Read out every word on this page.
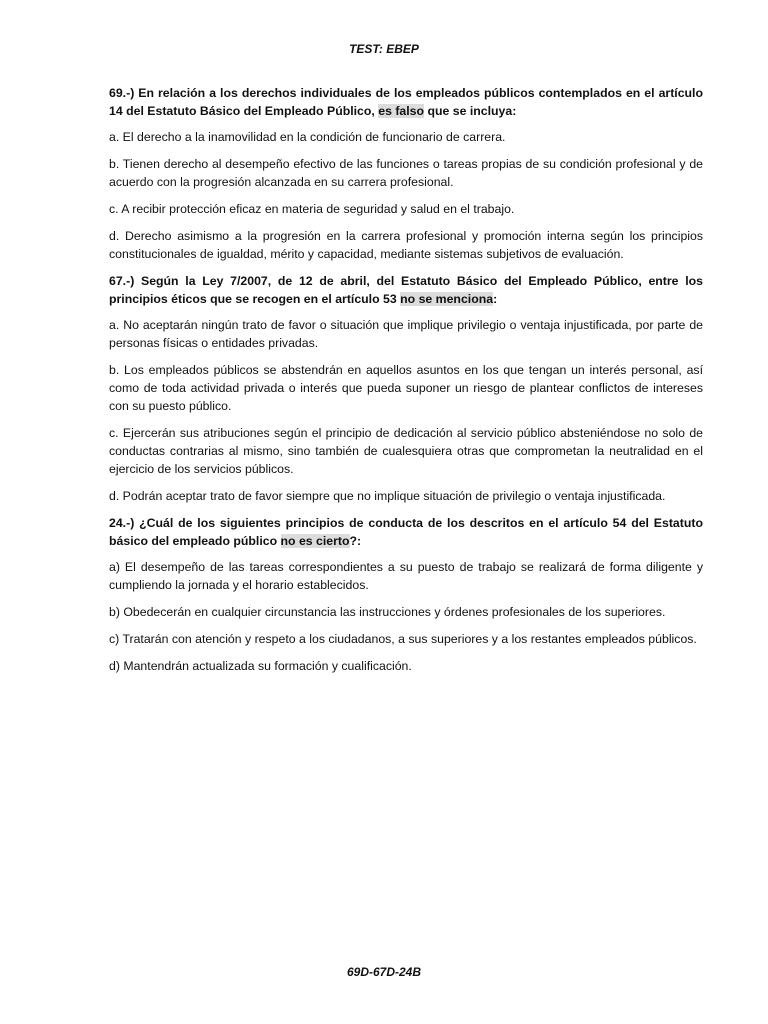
TEST: EBEP

69.-) En relación a los derechos individuales de los empleados públicos contemplados en el artículo 14 del Estatuto Básico del Empleado Público, es falso que se incluya:

a. El derecho a la inamovilidad en la condición de funcionario de carrera.

b. Tienen derecho al desempeño efectivo de las funciones o tareas propias de su condición profesional y de acuerdo con la progresión alcanzada en su carrera profesional.

c. A recibir protección eficaz en materia de seguridad y salud en el trabajo.

d. Derecho asimismo a la progresión en la carrera profesional y promoción interna según los principios constitucionales de igualdad, mérito y capacidad, mediante sistemas subjetivos de evaluación.

67.-) Según la Ley 7/2007, de 12 de abril, del Estatuto Básico del Empleado Público, entre los principios éticos que se recogen en el artículo 53 no se menciona:

a. No aceptarán ningún trato de favor o situación que implique privilegio o ventaja injustificada, por parte de personas físicas o entidades privadas.

b. Los empleados públicos se abstendrán en aquellos asuntos en los que tengan un interés personal, así como de toda actividad privada o interés que pueda suponer un riesgo de plantear conflictos de intereses con su puesto público.

c. Ejercerán sus atribuciones según el principio de dedicación al servicio público absteniéndose no solo de conductas contrarias al mismo, sino también de cualesquiera otras que comprometan la neutralidad en el ejercicio de los servicios públicos.

d. Podrán aceptar trato de favor siempre que no implique situación de privilegio o ventaja injustificada.

24.-) ¿Cuál de los siguientes principios de conducta de los descritos en el artículo 54 del Estatuto básico del empleado público no es cierto?:

a) El desempeño de las tareas correspondientes a su puesto de trabajo se realizará de forma diligente y cumpliendo la jornada y el horario establecidos.

b) Obedecerán en cualquier circunstancia las instrucciones y órdenes profesionales de los superiores.

c) Tratarán con atención y respeto a los ciudadanos, a sus superiores y a los restantes empleados públicos.

d) Mantendrán actualizada su formación y cualificación.

69D-67D-24B
